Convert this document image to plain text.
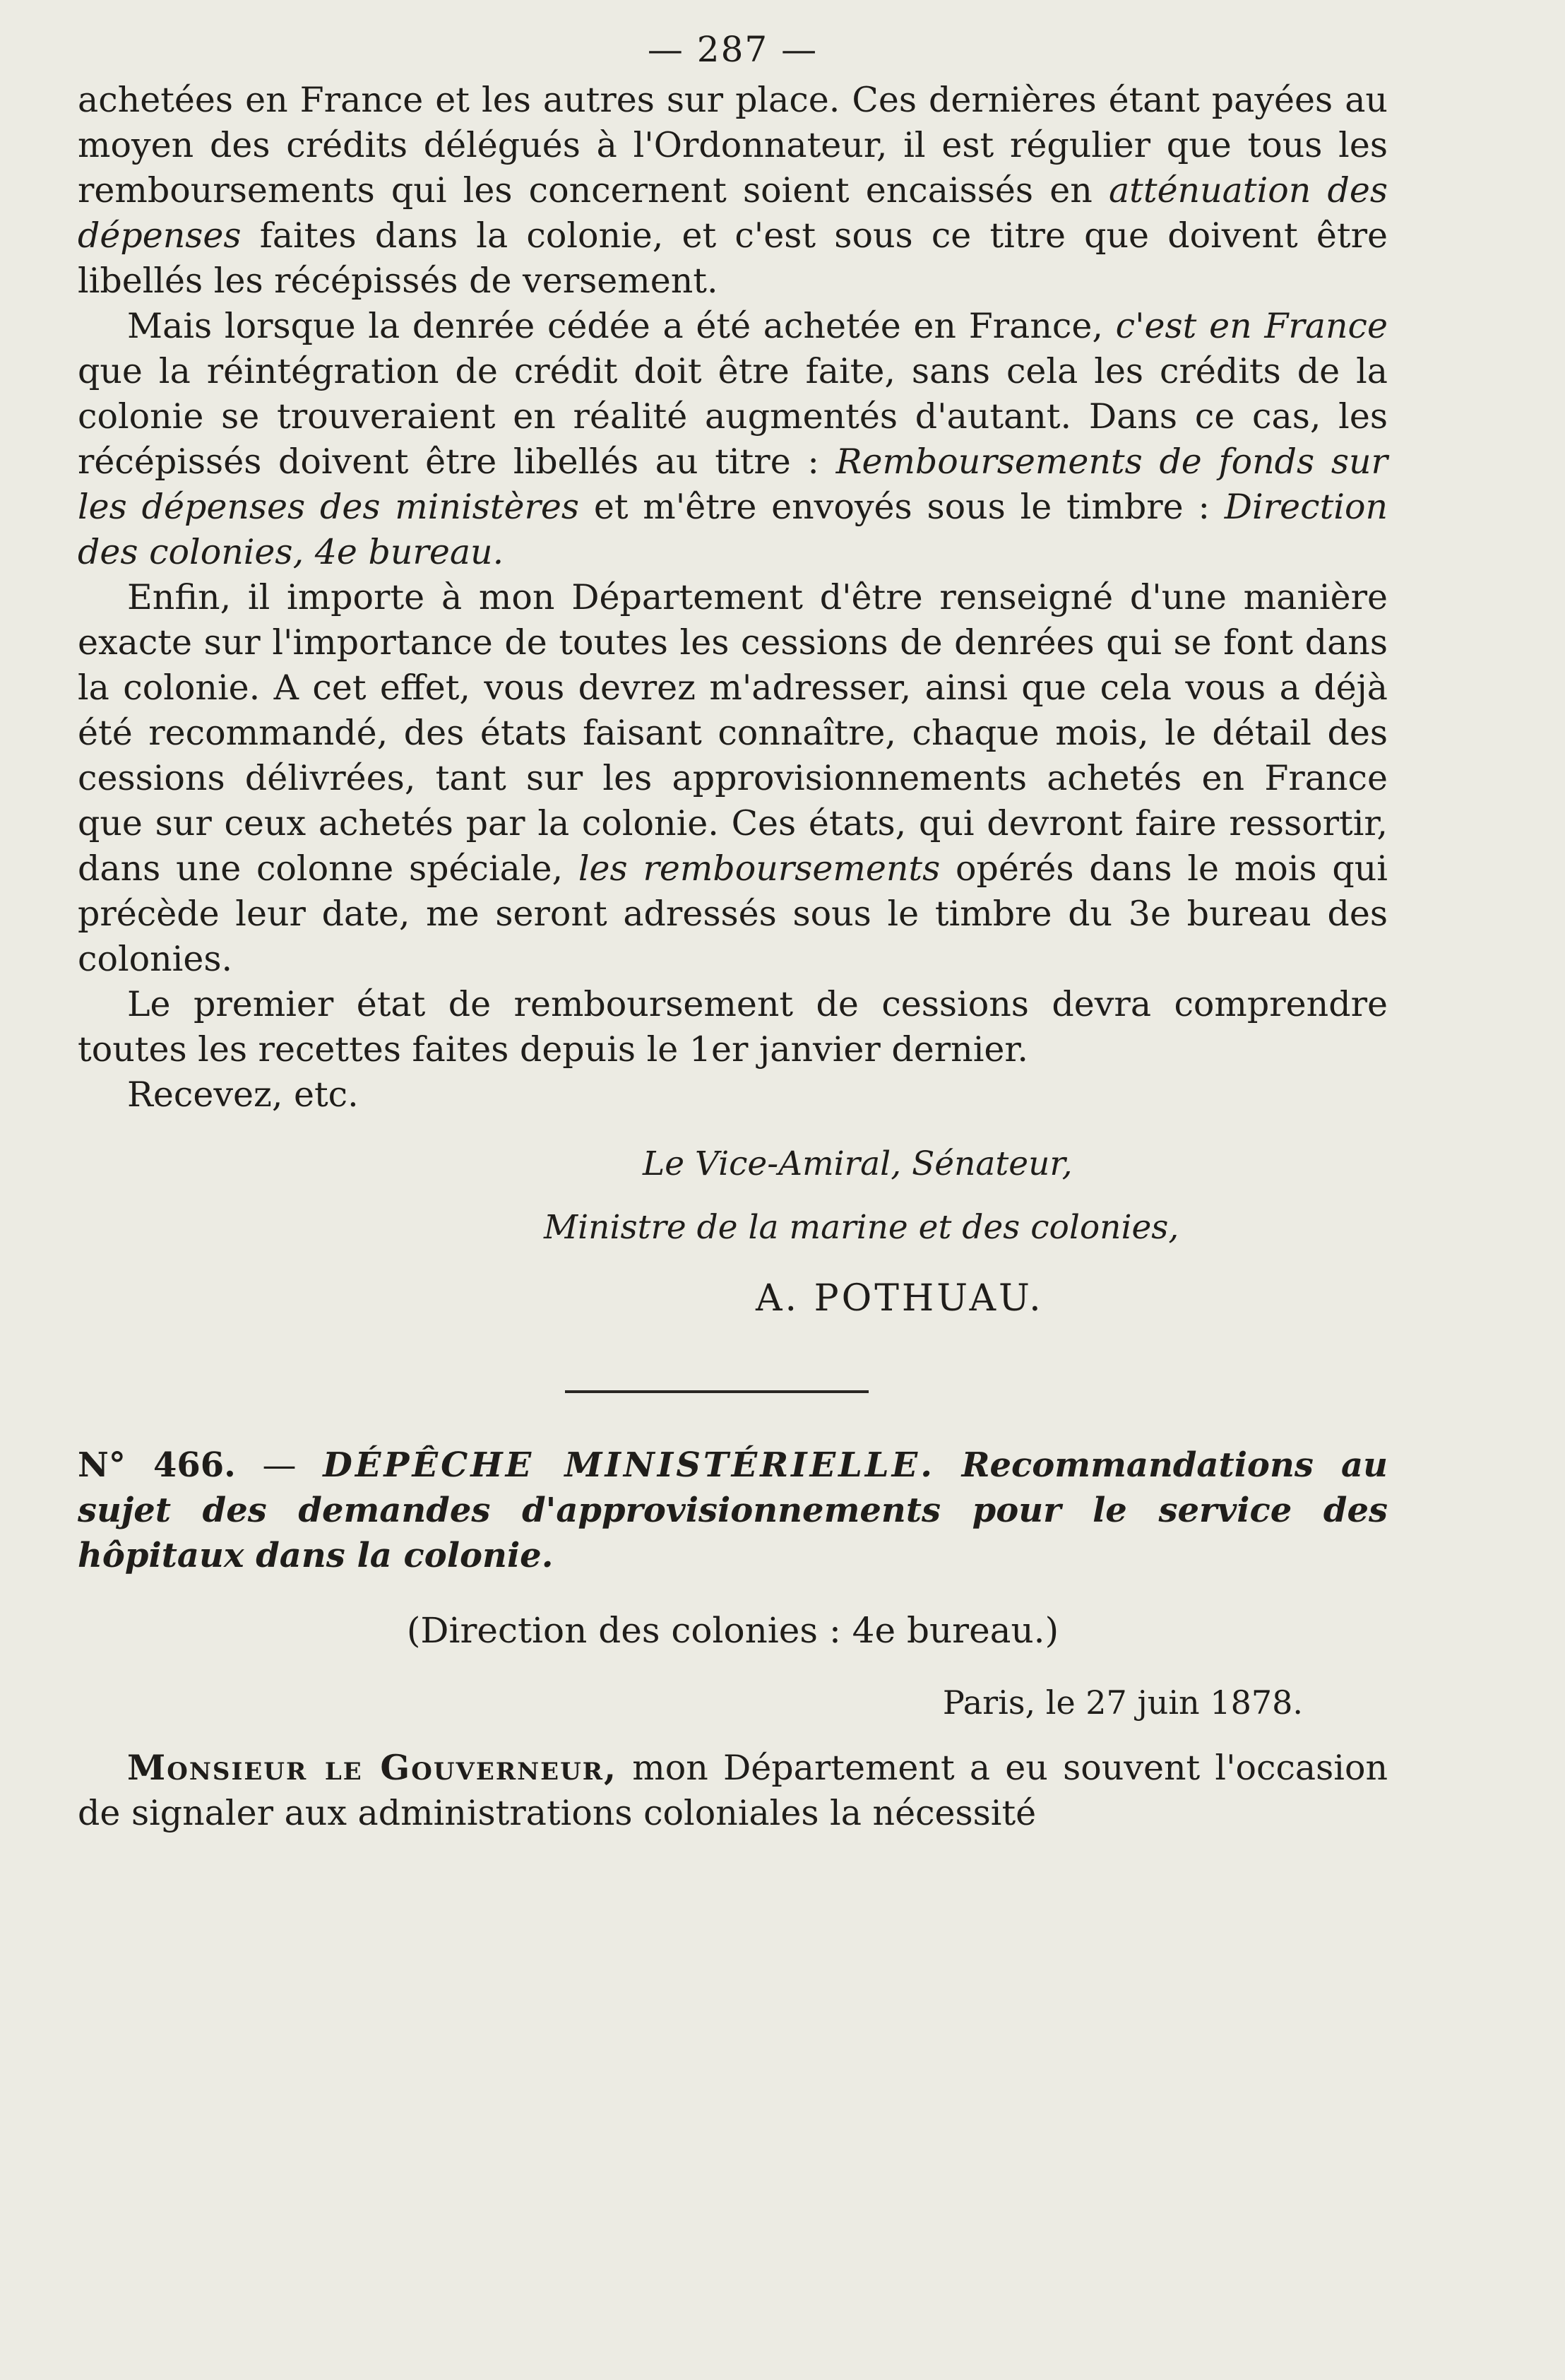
— 287 —

achetées en France et les autres sur place. Ces dernières étant payées au moyen des crédits délégués à l'Ordonnateur, il est régulier que tous les remboursements qui les concernent soient encaissés en atténuation des dépenses faites dans la colonie, et c'est sous ce titre que doivent être libellés les récépissés de versement.

Mais lorsque la denrée cédée a été achetée en France, c'est en France que la réintégration de crédit doit être faite, sans cela les crédits de la colonie se trouveraient en réalité augmentés d'autant. Dans ce cas, les récépissés doivent être libellés au titre : Remboursements de fonds sur les dépenses des ministères et m'être envoyés sous le timbre : Direction des colonies, 4e bureau.

Enfin, il importe à mon Département d'être renseigné d'une manière exacte sur l'importance de toutes les cessions de denrées qui se font dans la colonie. A cet effet, vous devrez m'adresser, ainsi que cela vous a déjà été recommandé, des états faisant connaître, chaque mois, le détail des cessions délivrées, tant sur les approvisionnements achetés en France que sur ceux achetés par la colonie. Ces états, qui devront faire ressortir, dans une colonne spéciale, les remboursements opérés dans le mois qui précède leur date, me seront adressés sous le timbre du 3e bureau des colonies.

Le premier état de remboursement de cessions devra comprendre toutes les recettes faites depuis le 1er janvier dernier.

Recevez, etc.

Le Vice-Amiral, Sénateur,
Ministre de la marine et des colonies,
A. POTHUAU.

N° 466. — DÉPÊCHE MINISTÉRIELLE. Recommandations au sujet des demandes d'approvisionnements pour le service des hôpitaux dans la colonie.

(Direction des colonies : 4e bureau.)
Paris, le 27 juin 1878.

Monsieur le Gouverneur, mon Département a eu souvent l'occasion de signaler aux administrations coloniales la nécessité
